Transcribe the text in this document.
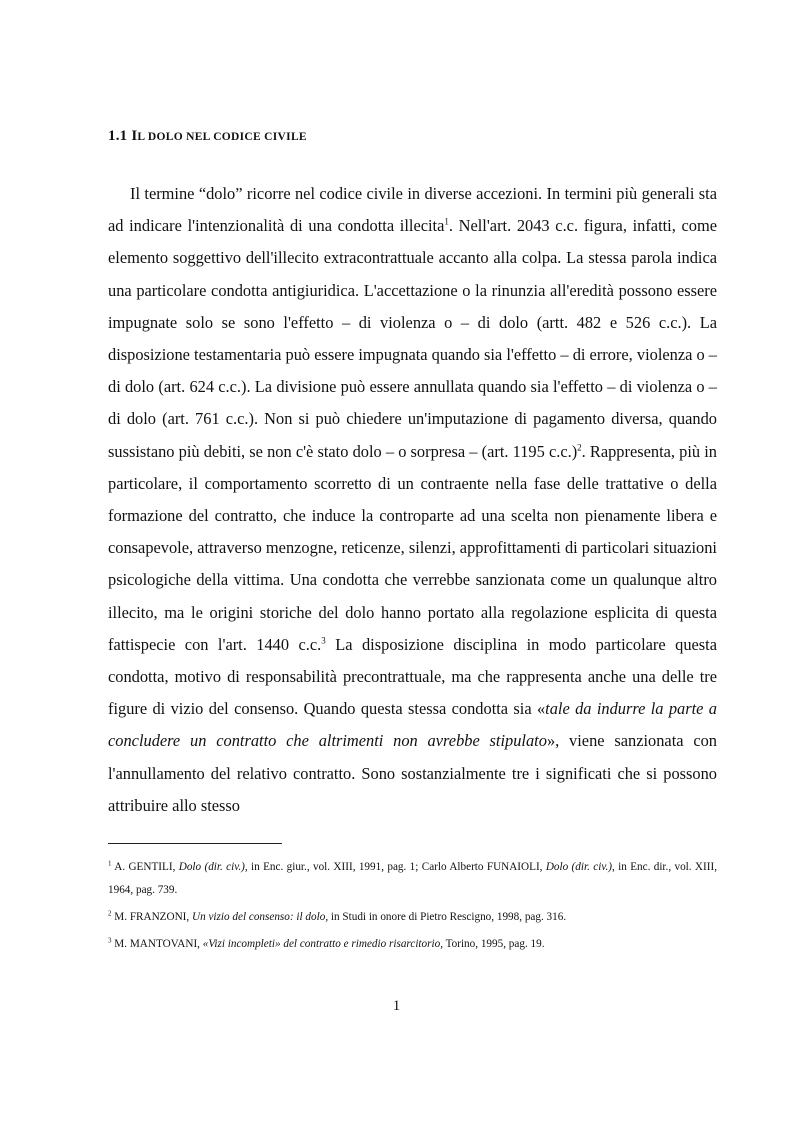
1.1 IL DOLO NEL CODICE CIVILE

Il termine “dolo” ricorre nel codice civile in diverse accezioni. In termini più generali sta ad indicare l'intenzionalità di una condotta illecita$^1$. Nell'art. 2043 c.c. figura, infatti, come elemento soggettivo dell'illecito extracontrattuale accanto alla colpa. La stessa parola indica una particolare condotta antigiuridica. L'accettazione o la rinunzia all'eredità possono essere impugnate solo se sono l'effetto – di violenza o – di dolo (artt. 482 e 526 c.c.). La disposizione testamentaria può essere impugnata quando sia l'effetto – di errore, violenza o – di dolo (art. 624 c.c.). La divisione può essere annullata quando sia l'effetto – di violenza o – di dolo (art. 761 c.c.). Non si può chiedere un'imputazione di pagamento diversa, quando sussistano più debiti, se non c'è stato dolo – o sorpresa – (art. 1195 c.c.)$^2$. Rappresenta, più in particolare, il comportamento scorretto di un contraente nella fase delle trattative o della formazione del contratto, che induce la controparte ad una scelta non pienamente libera e consapevole, attraverso menzogne, reticenze, silenzi, approfittamenti di particolari situazioni psicologiche della vittima. Una condotta che verrebbe sanzionata come un qualunque altro illecito, ma le origini storiche del dolo hanno portato alla regolazione esplicita di questa fattispecie con l'art. 1440 c.c.$^3$ La disposizione disciplina in modo particolare questa condotta, motivo di responsabilità precontrattuale, ma che rappresenta anche una delle tre figure di vizio del consenso. Quando questa stessa condotta sia «tale da indurre la parte a concludere un contratto che altrimenti non avrebbe stipulato», viene sanzionata con l'annullamento del relativo contratto. Sono sostanzialmente tre i significati che si possono attribuire allo stesso

$^1$ A. GENTILI, Dolo (dir. civ.), in Enc. giur., vol. XIII, 1991, pag. 1; Carlo Alberto FUNAIOLI, Dolo (dir. civ.), in Enc. dir., vol. XIII, 1964, pag. 739.

$^2$ M. FRANZONI, Un vizio del consenso: il dolo, in Studi in onore di Pietro Rescigno, 1998, pag. 316.

$^3$ M. MANTOVANI, «Vizi incompleti» del contratto e rimedio risarcitorio, Torino, 1995, pag. 19.

1
